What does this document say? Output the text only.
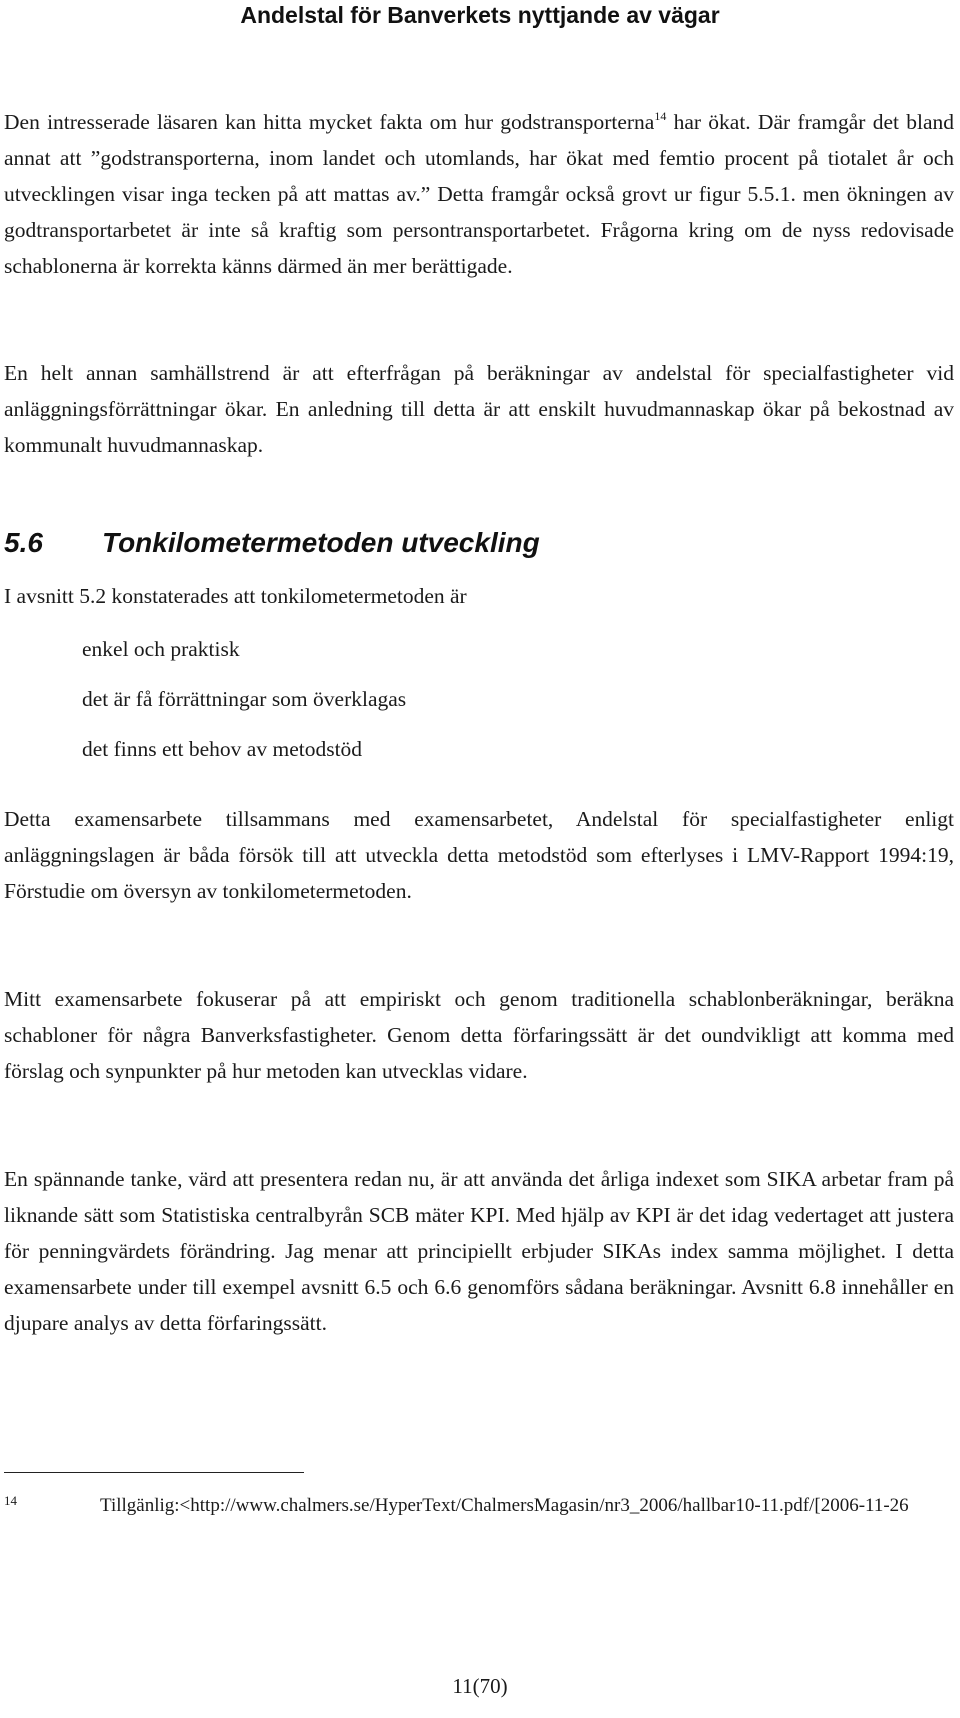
Andelstal för Banverkets nyttjande av vägar
Den intresserade läsaren kan hitta mycket fakta om hur godstransporterna$^{14}$ har ökat. Där framgår det bland annat att ”godstransporterna, inom landet och utomlands, har ökat med femtio procent på tiotalet år och utvecklingen visar inga tecken på att mattas av.” Detta framgår också grovt ur figur 5.5.1. men ökningen av godtransportarbetet är inte så kraftig som persontransportarbetet. Frågorna kring om de nyss redovisade schablonerna är korrekta känns därmed än mer berättigade.
En helt annan samhällstrend är att efterfrågan på beräkningar av andelstal för specialfastigheter vid anläggningsförrättningar ökar. En anledning till detta är att enskilt huvudmannaskap ökar på bekostnad av kommunalt huvudmannaskap.
5.6 Tonkilometermetoden utveckling
I avsnitt 5.2 konstaterades att tonkilometermetoden är
enkel och praktisk
det är få förrättningar som överklagas
det finns ett behov av metodstöd
Detta examensarbete tillsammans med examensarbetet, Andelstal för specialfastigheter enligt anläggningslagen är båda försök till att utveckla detta metodstöd som efterlyses i LMV-Rapport 1994:19, Förstudie om översyn av tonkilometermetoden.
Mitt examensarbete fokuserar på att empiriskt och genom traditionella schablonberäkningar, beräkna schabloner för några Banverksfastigheter. Genom detta förfaringssätt är det oundvikligt att komma med förslag och synpunkter på hur metoden kan utvecklas vidare.
En spännande tanke, värd att presentera redan nu, är att använda det årliga indexet som SIKA arbetar fram på liknande sätt som Statistiska centralbyrån SCB mäter KPI. Med hjälp av KPI är det idag vedertaget att justera för penningvärdets förändring. Jag menar att principiellt erbjuder SIKAs index samma möjlighet. I detta examensarbete under till exempel avsnitt 6.5 och 6.6 genomförs sådana beräkningar. Avsnitt 6.8 innehåller en djupare analys av detta förfaringssätt.
14	Tillgänlig:<http://www.chalmers.se/HyperText/ChalmersMagasin/nr3_2006/hallbar10-11.pdf/[2006-11-26
11(70)
